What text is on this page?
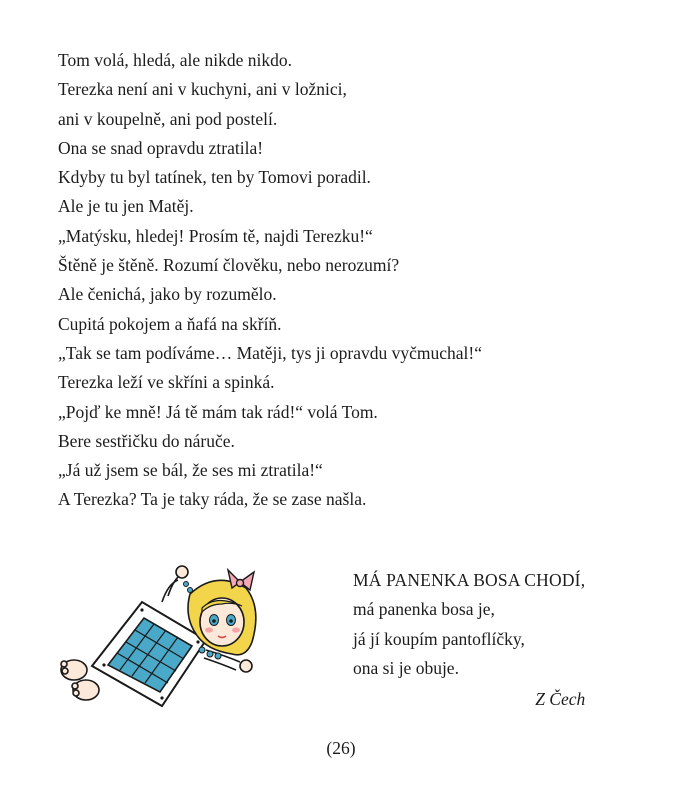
Tom volá, hledá, ale nikde nikdo.
Terezka není ani v kuchyni, ani v ložnici,
ani v koupelně, ani pod postelí.
Ona se snad opravdu ztratila!
Kdyby tu byl tatínek, ten by Tomovi poradil.
Ale je tu jen Matěj.
„Matýsku, hledej! Prosím tě, najdi Terezku!“
Štěně je štěně. Rozumí člověku, nebo nerozumí?
Ale čenichá, jako by rozumělo.
Cupitá pokojem a ňafá na skříň.
„Tak se tam podíváme… Matěji, tys ji opravdu vyčmuchal!“
Terezka leží ve skříni a spinká.
„Pojď ke mně! Já tě mám tak rád!“ volá Tom.
Bere sestřičku do náruče.
„Já už jsem se bál, že ses mi ztratila!“
A Terezka? Ta je taky ráda, že se zase našla.
MÁ PANENKA BOSA CHODÍ,
má panenka bosa je,
já jí koupím pantoflíčky,
ona si je obuje.
Z Čech
(26)
